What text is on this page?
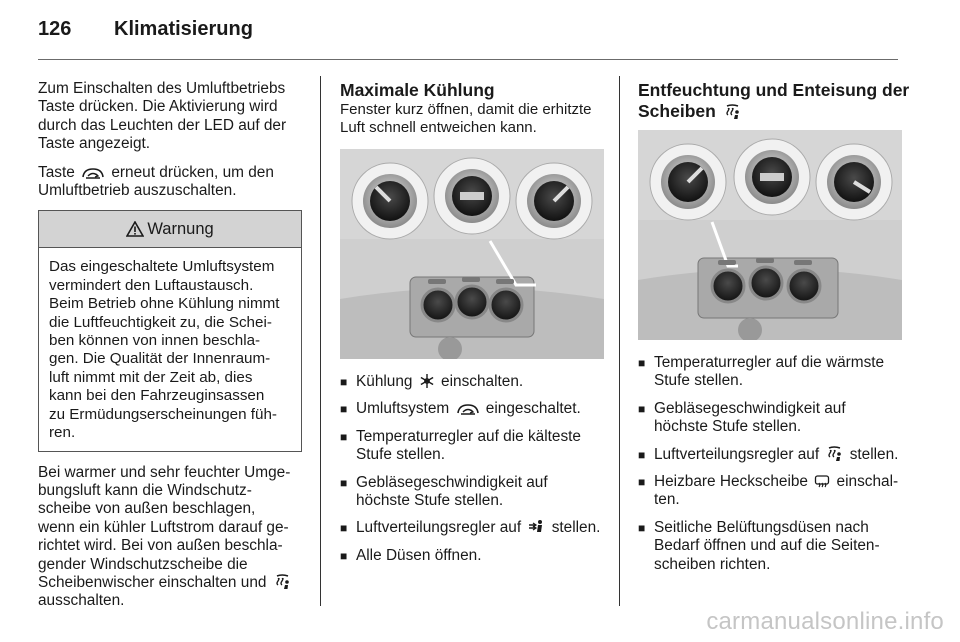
126 Klimatisierung

Zum Einschalten des Umluftbetriebs
Taste drücken. Die Aktivierung wird
durch das Leuchten der LED auf der
Taste angezeigt.

Taste erneut drücken, um den
Umluftbetrieb auszuschalten.

Warnung
Das eingeschaltete Umluftsystem
vermindert den Luftaustausch.
Beim Betrieb ohne Kühlung nimmt
die Luftfeuchtigkeit zu, die Schei-
ben können von innen beschla-
gen. Die Qualität der Innenraum-
luft nimmt mit der Zeit ab, dies
kann bei den Fahrzeuginsassen
zu Ermüdungserscheinungen füh-
ren.

Bei warmer und sehr feuchter Umge-
bungsluft kann die Windschutz-
scheibe von außen beschlagen,
wenn ein kühler Luftstrom darauf ge-
richtet wird. Bei von außen beschla-
gender Windschutzscheibe die
Scheibenwischer einschalten und
ausschalten.

Maximale Kühlung

Fenster kurz öffnen, damit die erhitzte
Luft schnell entweichen kann.

■ Kühlung einschalten.
■ Umluftsystem eingeschaltet.
■ Temperaturregler auf die kälteste
Stufe stellen.
■ Gebläsegeschwindigkeit auf
höchste Stufe stellen.
■ Luftverteilungsregler auf stellen.
■ Alle Düsen öffnen.
Entfeuchtung und Enteisung der
Scheiben
■ Temperaturregler auf die wärmste
Stufe stellen.
■ Gebläsegeschwindigkeit auf
höchste Stufe stellen.
■ Luftverteilungsregler auf stellen.
■ Heizbare Heckscheibe einschal-
ten.
■ Seitliche Belüftungsdüsen nach
Bedarf öffnen und auf die Seiten-
scheiben richten.
carmanualsonline.info
